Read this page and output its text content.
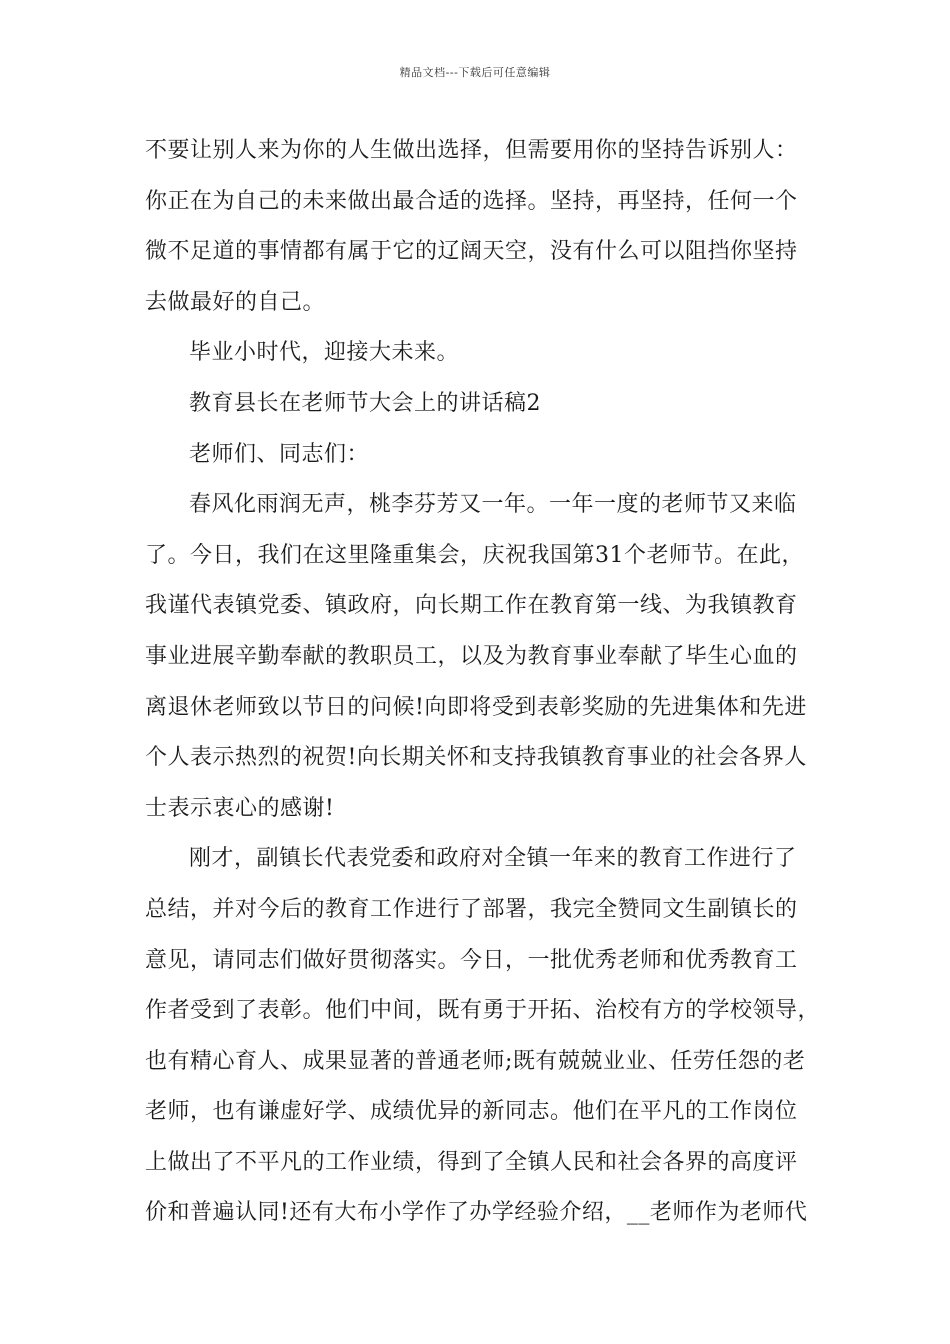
精品文档---下载后可任意编辑
不要让别人来为你的人生做出选择，但需要用你的坚持告诉别人：
你正在为自己的未来做出最合适的选择。坚持，再坚持，任何一个
微不足道的事情都有属于它的辽阔天空，没有什么可以阻挡你坚持
去做最好的自己。
毕业小时代，迎接大未来。
教育县长在老师节大会上的讲话稿2
老师们、同志们：
春风化雨润无声，桃李芬芳又一年。一年一度的老师节又来临
了。今日，我们在这里隆重集会，庆祝我国第31个老师节。在此，
我谨代表镇党委、镇政府，向长期工作在教育第一线、为我镇教育
事业进展辛勤奉献的教职员工，以及为教育事业奉献了毕生心血的
离退休老师致以节日的问候!向即将受到表彰奖励的先进集体和先进
个人表示热烈的祝贺!向长期关怀和支持我镇教育事业的社会各界人
士表示衷心的感谢!
刚才，副镇长代表党委和政府对全镇一年来的教育工作进行了
总结，并对今后的教育工作进行了部署，我完全赞同文生副镇长的
意见，请同志们做好贯彻落实。今日，一批优秀老师和优秀教育工
作者受到了表彰。他们中间，既有勇于开拓、治校有方的学校领导，
也有精心育人、成果显著的普通老师;既有兢兢业业、任劳任怨的老
老师，也有谦虚好学、成绩优异的新同志。他们在平凡的工作岗位
上做出了不平凡的工作业绩，得到了全镇人民和社会各界的高度评
价和普遍认同!还有大布小学作了办学经验介绍，__老师作为老师代
